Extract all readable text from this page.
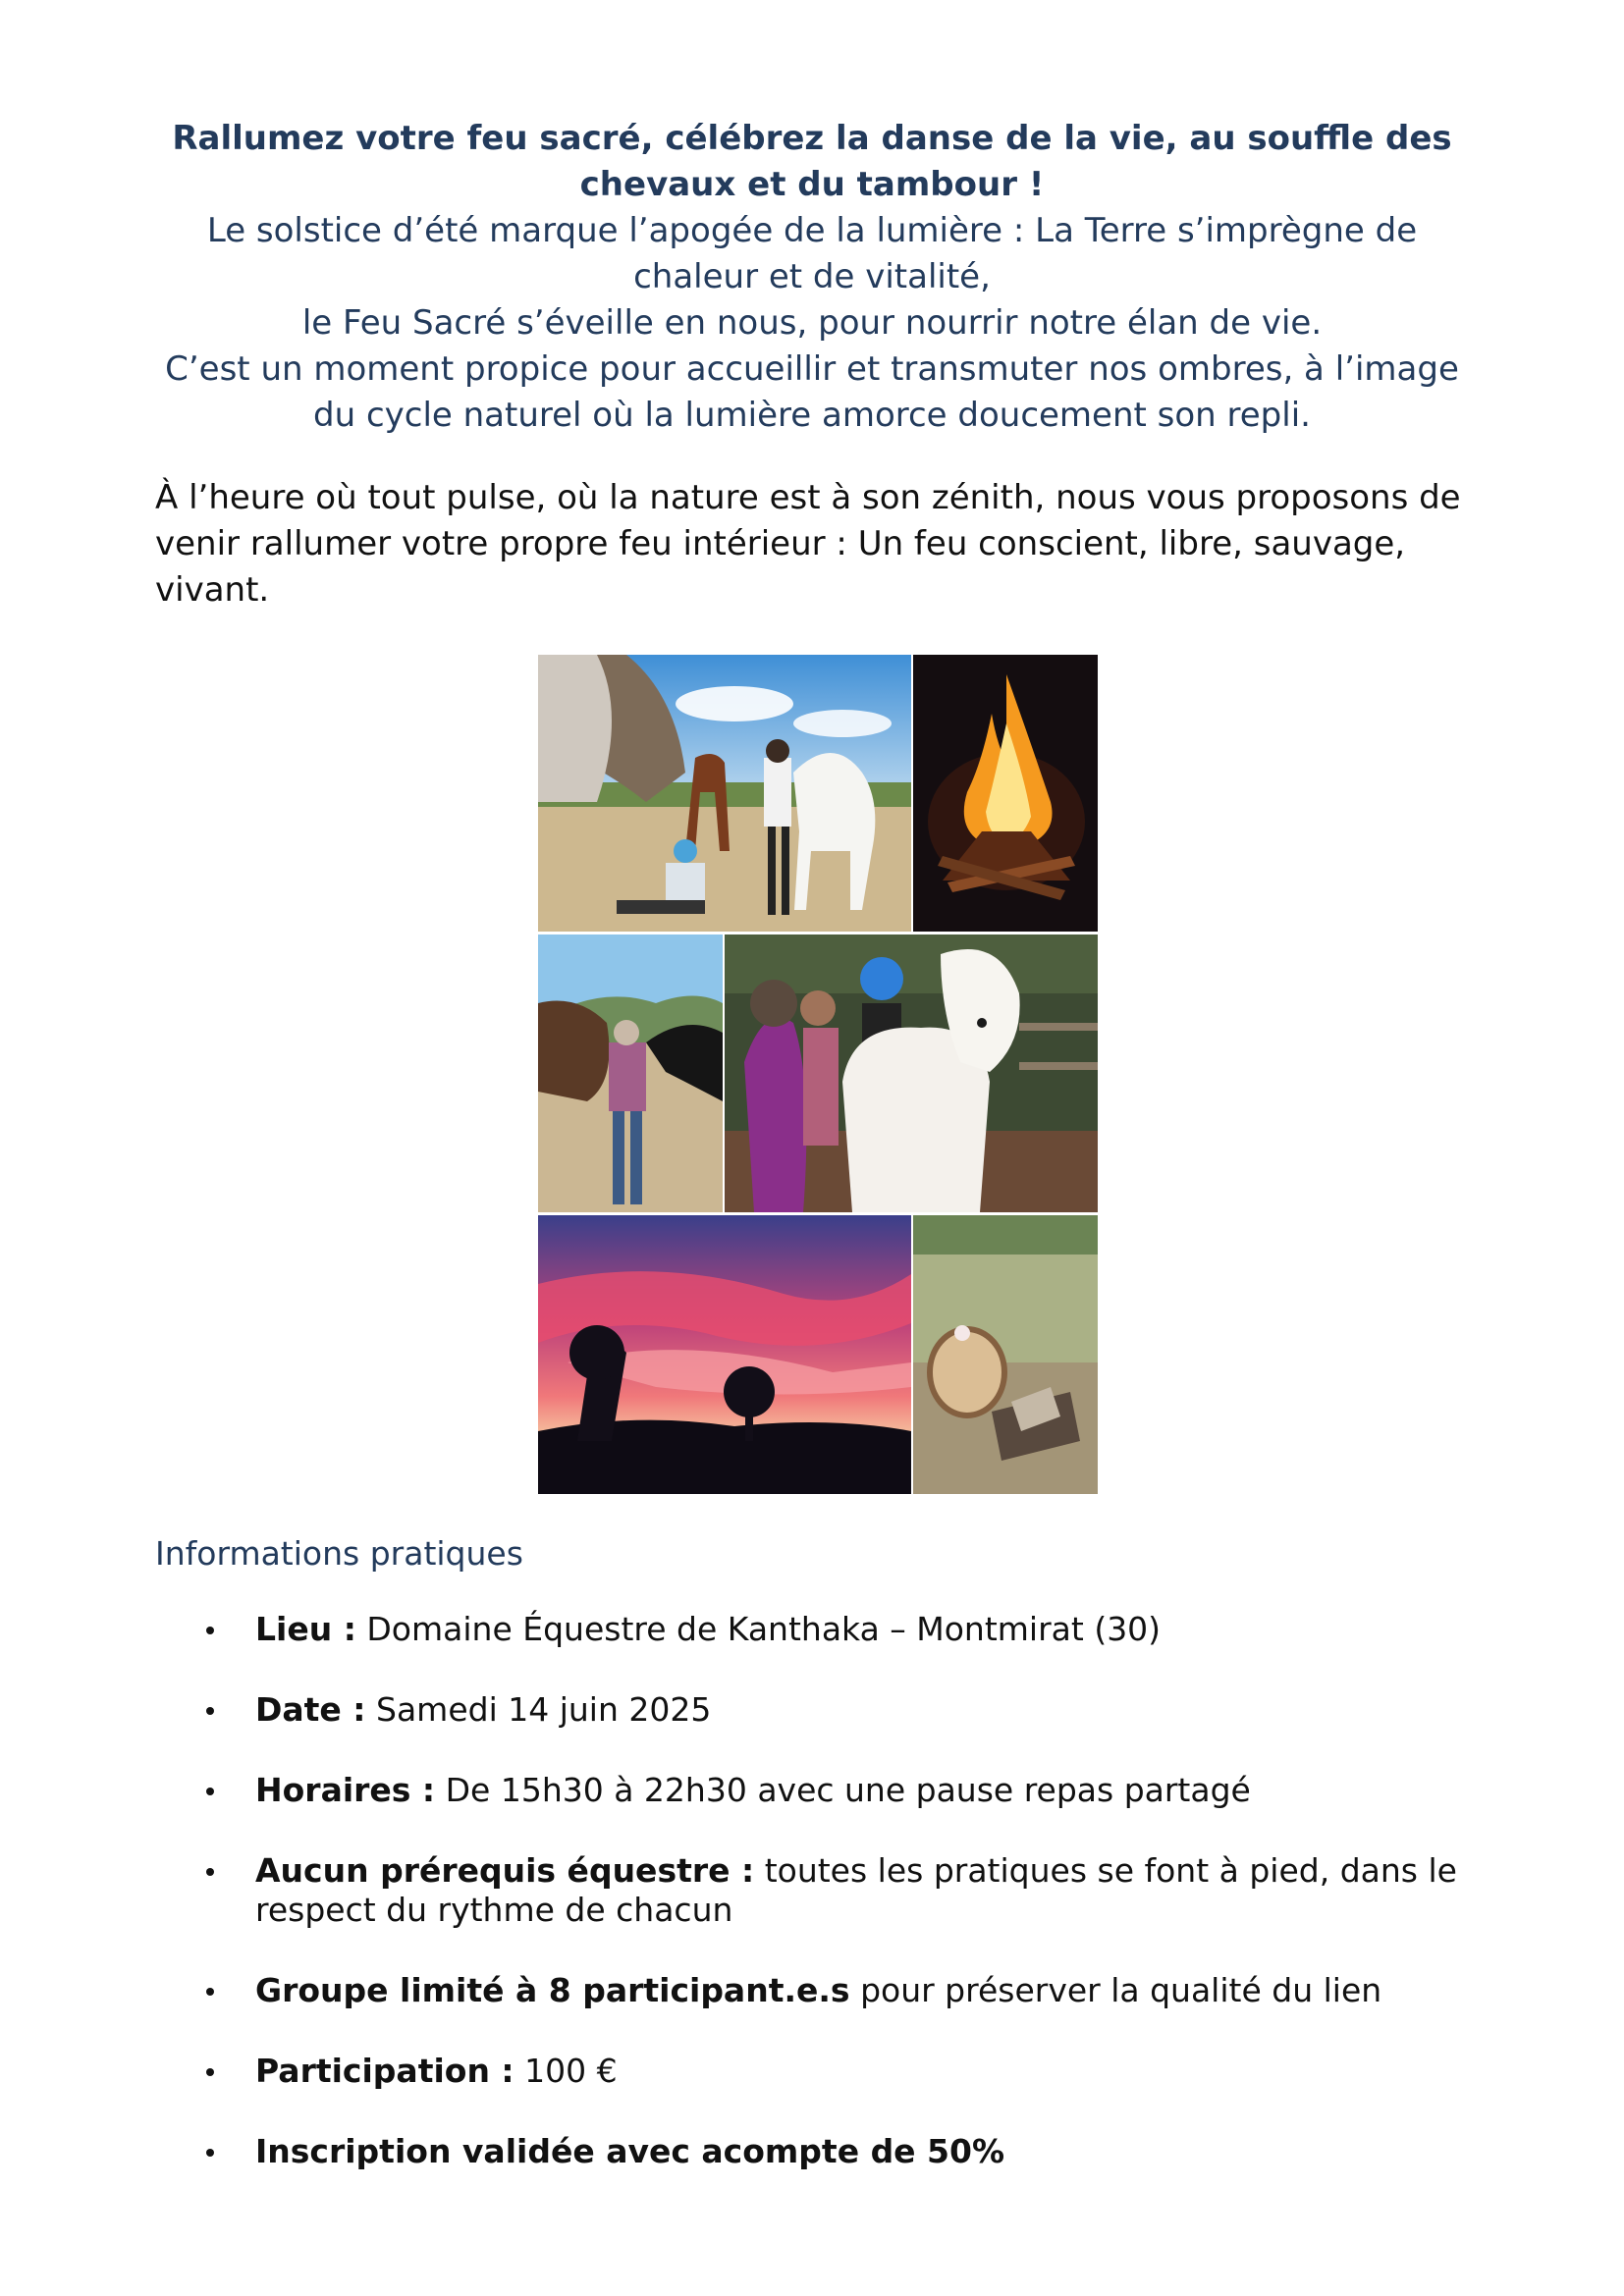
Rallumez votre feu sacré, célébrez la danse de la vie, au souffle des

chevaux et du tambour !

Le solstice d’été marque l’apogée de la lumière : La Terre s’imprègne de

chaleur et de vitalité,

le Feu Sacré s’éveille en nous, pour nourrir notre élan de vie.

C’est un moment propice pour accueillir et transmuter nos ombres, à l’image

du cycle naturel où la lumière amorce doucement son repli.

À l’heure où tout pulse, où la nature est à son zénith, nous vous proposons de venir rallumer votre propre feu intérieur : Un feu conscient, libre, sauvage, vivant.

Informations pratiques
Lieu : Domaine Équestre de Kanthaka – Montmirat (30)
Date : Samedi 14 juin 2025
Horaires : De 15h30 à 22h30 avec une pause repas partagé
Aucun prérequis équestre : toutes les pratiques se font à pied, dans le respect du rythme de chacun
Groupe limité à 8 participant.e.s pour préserver la qualité du lien
Participation : 100 €
Inscription validée avec acompte de 50%
